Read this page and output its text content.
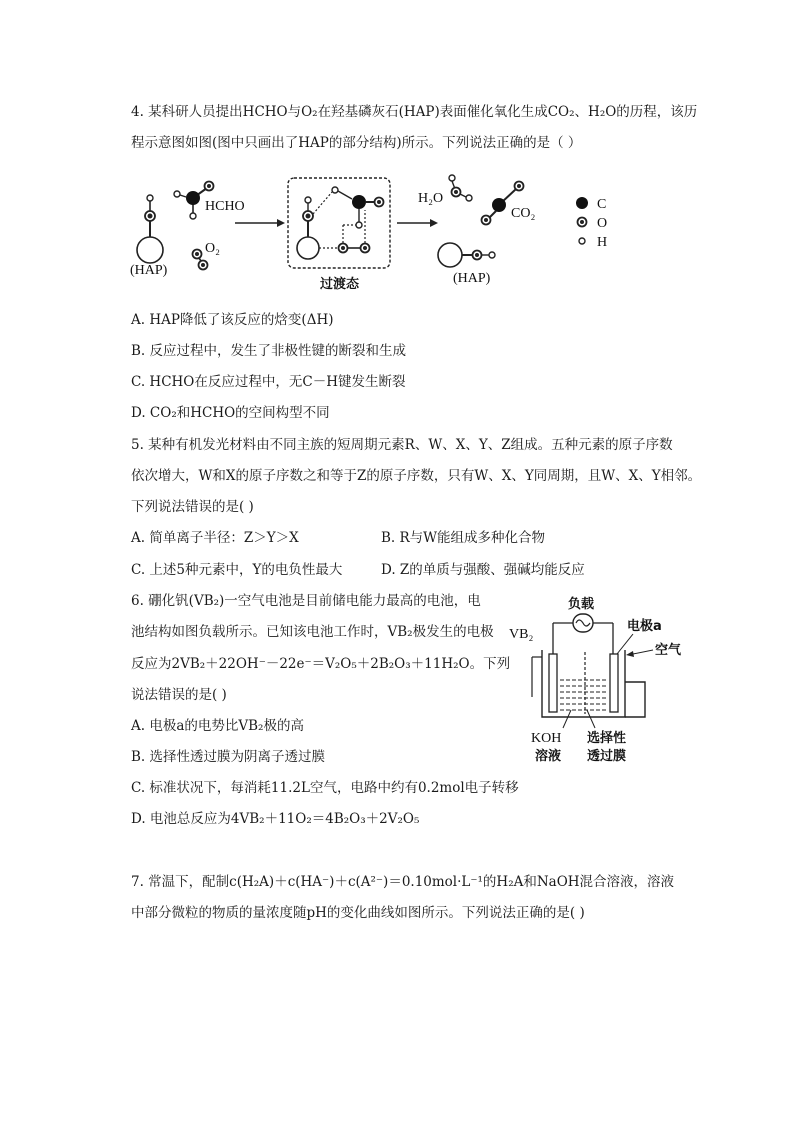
4. 某科研人员提出HCHO与O₂在羟基磷灰石(HAP)表面催化氧化生成CO₂、H₂O的历程，该历
程示意图如图(图中只画出了HAP的部分结构)所示。下列说法正确的是（ ）
(HAP)
HCHO
O₂
过渡态
H₂O
CO₂
(HAP)
C
O
H
A. HAP降低了该反应的焓变(ΔH)
B. 反应过程中，发生了非极性键的断裂和生成
C. HCHO在反应过程中，无C－H键发生断裂
D. CO₂和HCHO的空间构型不同
5. 某种有机发光材料由不同主族的短周期元素R、W、X、Y、Z组成。五种元素的原子序数
依次增大，W和X的原子序数之和等于Z的原子序数，只有W、X、Y同周期，且W、X、Y相邻。
下列说法错误的是( )
A. 简单离子半径：Z＞Y＞X	B. R与W能组成多种化合物
C. 上述5种元素中，Y的电负性最大	D. Z的单质与强酸、强碱均能反应
6. 硼化钒(VB₂)一空气电池是目前储电能力最高的电池，电
池结构如图负载所示。已知该电池工作时，VB₂极发生的电极
反应为2VB₂＋22OH⁻－22e⁻＝V₂O₅＋2B₂O₃＋11H₂O。下列
说法错误的是( )
负载
VB₂
电极a
空气
KOH
溶液
选择性
透过膜
A. 电极a的电势比VB₂极的高
B. 选择性透过膜为阴离子透过膜
C. 标准状况下，每消耗11.2L空气，电路中约有0.2mol电子转移
D. 电池总反应为4VB₂＋11O₂＝4B₂O₃＋2V₂O₅
7. 常温下，配制c(H₂A)＋c(HA⁻)＋c(A²⁻)＝0.10mol·L⁻¹的H₂A和NaOH混合溶液，溶液
中部分微粒的物质的量浓度随pH的变化曲线如图所示。下列说法正确的是( )
